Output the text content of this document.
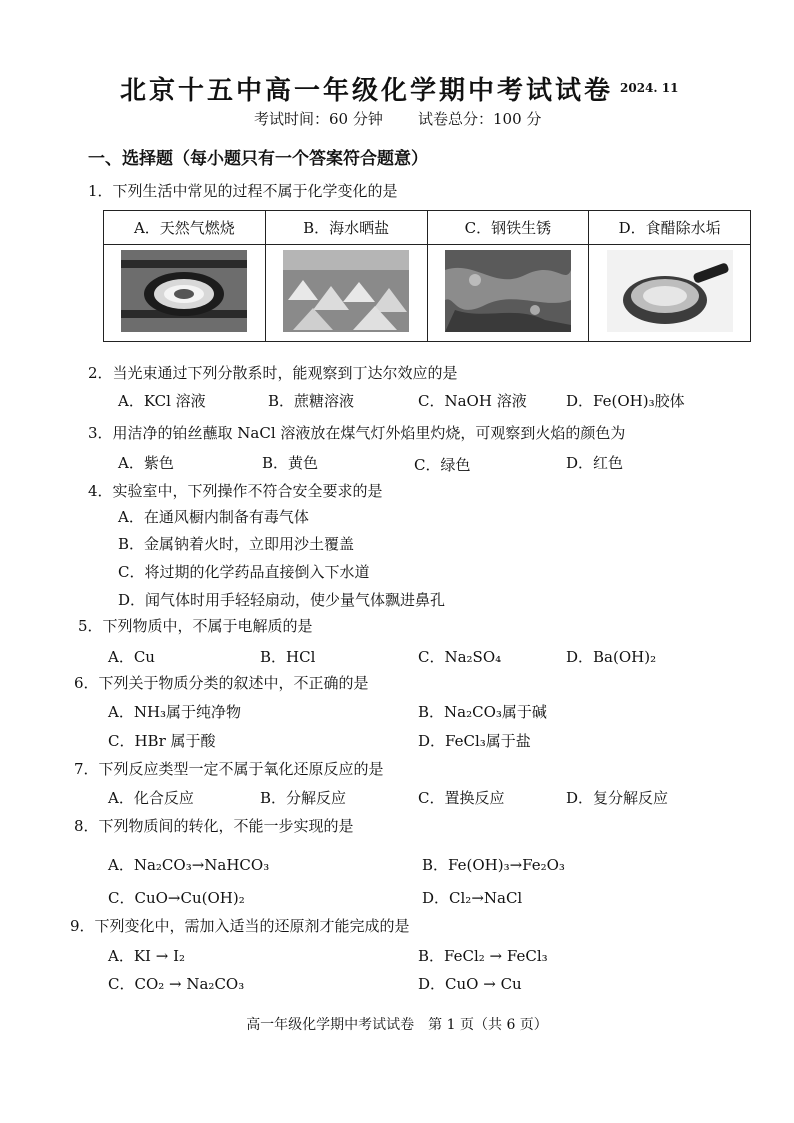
北京十五中高一年级化学期中考试试卷 2024. 11
考试时间：60 分钟 试卷总分：100 分
一、选择题（每小题只有一个答案符合题意）
1．下列生活中常见的过程不属于化学变化的是
A．天然气燃烧	B．海水晒盐	C．钢铁生锈	D．食醋除水垢

2．当光束通过下列分散系时，能观察到丁达尔效应的是
A．KCl 溶液	B．蔗糖溶液	C．NaOH 溶液	D．Fe(OH)₃胶体
3．用洁净的铂丝蘸取 NaCl 溶液放在煤气灯外焰里灼烧，可观察到火焰的颜色为
A．紫色	B．黄色	C．绿色	D．红色
4．实验室中，下列操作不符合安全要求的是
A．在通风橱内制备有毒气体
B．金属钠着火时，立即用沙土覆盖
C．将过期的化学药品直接倒入下水道
D．闻气体时用手轻轻扇动，使少量气体飘进鼻孔
5．下列物质中，不属于电解质的是
A．Cu	B．HCl	C．Na₂SO₄	D．Ba(OH)₂
6．下列关于物质分类的叙述中，不正确的是
A．NH₃属于纯净物	B．Na₂CO₃属于碱
C．HBr 属于酸	D．FeCl₃属于盐
7．下列反应类型一定不属于氧化还原反应的是
A．化合反应	B．分解反应	C．置换反应	D．复分解反应
8．下列物质间的转化，不能一步实现的是
A．Na₂CO₃→NaHCO₃	B．Fe(OH)₃→Fe₂O₃
C．CuO→Cu(OH)₂	D．Cl₂→NaCl
9．下列变化中，需加入适当的还原剂才能完成的是
A．KI → I₂	B．FeCl₂ → FeCl₃
C．CO₂ → Na₂CO₃	D．CuO → Cu
高一年级化学期中考试试卷　第 1 页（共 6 页）
